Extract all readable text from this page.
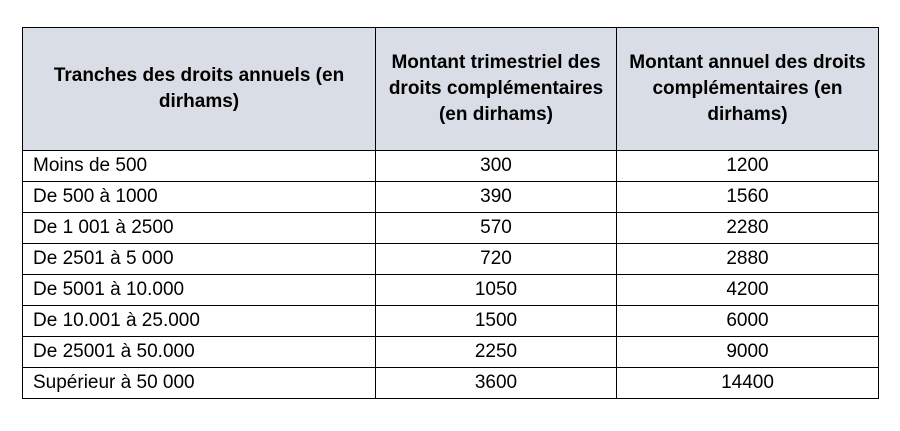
Tranches des droits annuels (en dirhams)	Montant trimestriel des droits complémentaires (en dirhams)	Montant annuel des droits complémentaires (en dirhams)
Moins de 500	300	1200
De 500 à 1000	390	1560
De 1 001 à 2500	570	2280
De 2501 à 5 000	720	2880
De 5001 à 10.000	1050	4200
De 10.001 à 25.000	1500	6000
De 25001 à 50.000	2250	9000
Supérieur à 50 000	3600	14400
